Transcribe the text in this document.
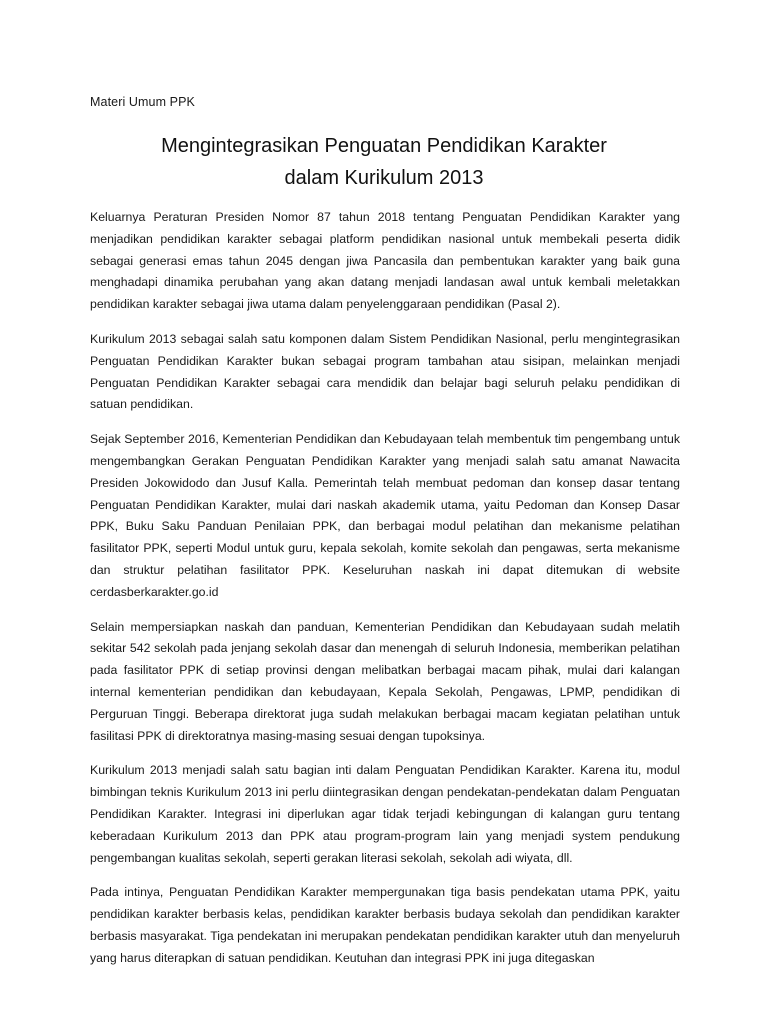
Materi Umum PPK
Mengintegrasikan Penguatan Pendidikan Karakter
dalam Kurikulum 2013

Keluarnya Peraturan Presiden Nomor 87 tahun 2018 tentang Penguatan Pendidikan Karakter yang menjadikan pendidikan karakter sebagai platform pendidikan nasional untuk membekali peserta didik sebagai generasi emas tahun 2045 dengan jiwa Pancasila dan pembentukan karakter yang baik guna menghadapi dinamika perubahan yang akan datang menjadi landasan awal untuk kembali meletakkan pendidikan karakter sebagai jiwa utama dalam penyelenggaraan pendidikan (Pasal 2).

Kurikulum 2013 sebagai salah satu komponen dalam Sistem Pendidikan Nasional, perlu mengintegrasikan Penguatan Pendidikan Karakter bukan sebagai program tambahan atau sisipan, melainkan menjadi Penguatan Pendidikan Karakter sebagai cara mendidik dan belajar bagi seluruh pelaku pendidikan di satuan pendidikan.

Sejak September 2016, Kementerian Pendidikan dan Kebudayaan telah membentuk tim pengembang untuk mengembangkan Gerakan Penguatan Pendidikan Karakter yang menjadi salah satu amanat Nawacita Presiden Jokowidodo dan Jusuf Kalla. Pemerintah telah membuat pedoman dan konsep dasar tentang Penguatan Pendidikan Karakter, mulai dari naskah akademik utama, yaitu Pedoman dan Konsep Dasar PPK, Buku Saku Panduan Penilaian PPK, dan berbagai modul pelatihan dan mekanisme pelatihan fasilitator PPK, seperti Modul untuk guru, kepala sekolah, komite sekolah dan pengawas, serta mekanisme dan struktur pelatihan fasilitator PPK. Keseluruhan naskah ini dapat ditemukan di website cerdasberkarakter.go.id

Selain mempersiapkan naskah dan panduan, Kementerian Pendidikan dan Kebudayaan sudah melatih sekitar 542 sekolah pada jenjang sekolah dasar dan menengah di seluruh Indonesia, memberikan pelatihan pada fasilitator PPK di setiap provinsi dengan melibatkan berbagai macam pihak, mulai dari kalangan internal kementerian pendidikan dan kebudayaan, Kepala Sekolah, Pengawas, LPMP, pendidikan di Perguruan Tinggi. Beberapa direktorat juga sudah melakukan berbagai macam kegiatan pelatihan untuk fasilitasi PPK di direktoratnya masing-masing sesuai dengan tupoksinya.

Kurikulum 2013 menjadi salah satu bagian inti dalam Penguatan Pendidikan Karakter. Karena itu, modul bimbingan teknis Kurikulum 2013 ini perlu diintegrasikan dengan pendekatan-pendekatan dalam Penguatan Pendidikan Karakter. Integrasi ini diperlukan agar tidak terjadi kebingungan di kalangan guru tentang keberadaan Kurikulum 2013 dan PPK atau program-program lain yang menjadi system pendukung pengembangan kualitas sekolah, seperti gerakan literasi sekolah, sekolah adi wiyata, dll.

Pada intinya, Penguatan Pendidikan Karakter mempergunakan tiga basis pendekatan utama PPK, yaitu pendidikan karakter berbasis kelas, pendidikan karakter berbasis budaya sekolah dan pendidikan karakter berbasis masyarakat. Tiga pendekatan ini merupakan pendekatan pendidikan karakter utuh dan menyeluruh yang harus diterapkan di satuan pendidikan. Keutuhan dan integrasi PPK ini juga ditegaskan
